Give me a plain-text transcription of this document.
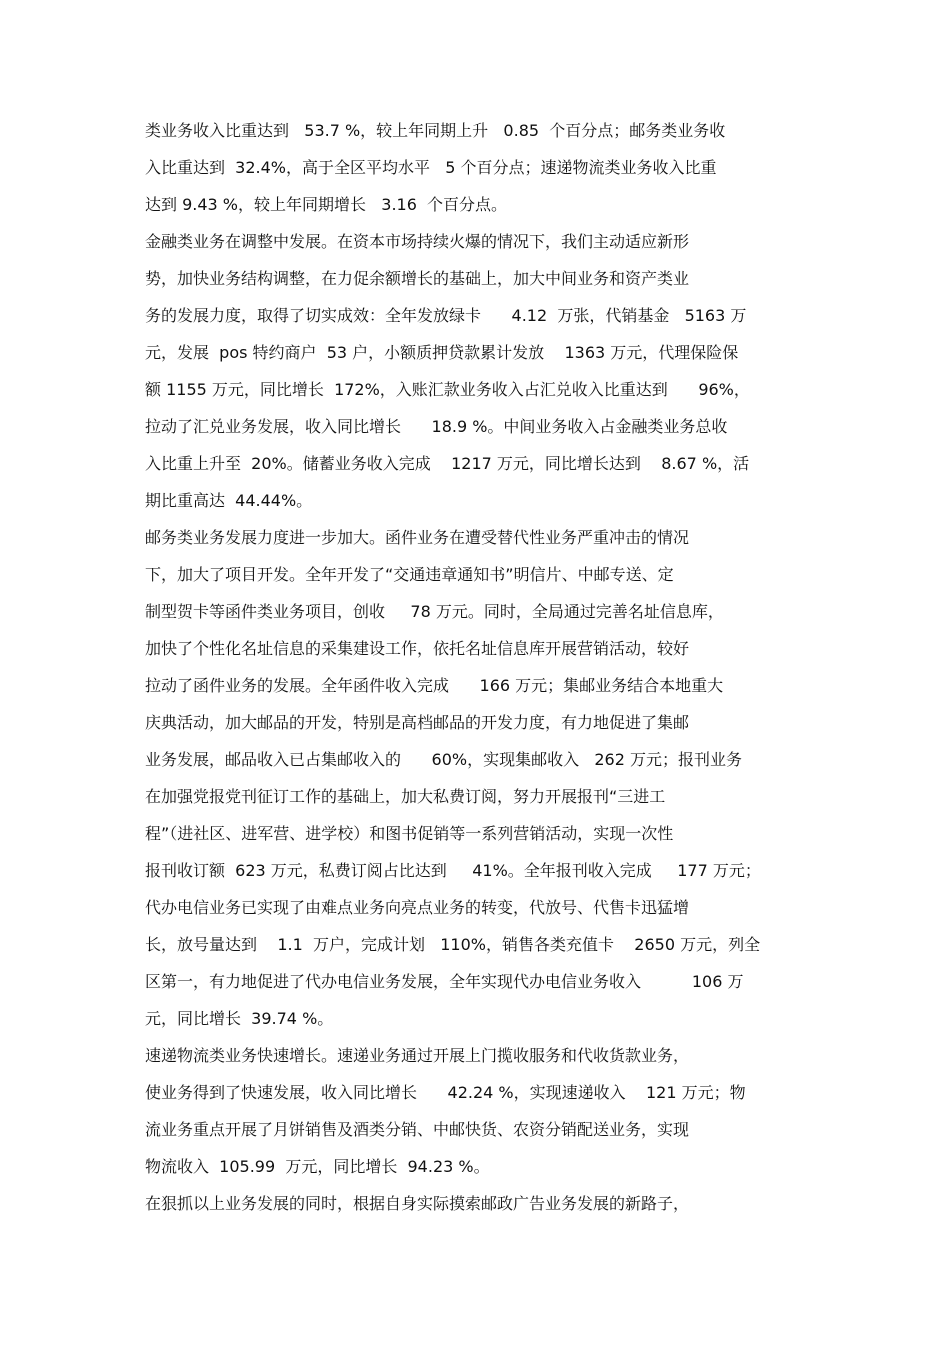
类业务收入比重达到   53.7 %，较上年同期上升   0.85  个百分点；邮务类业务收
入比重达到  32.4%，高于全区平均水平   5 个百分点；速递物流类业务收入比重
达到 9.43 %，较上年同期增长   3.16  个百分点。
金融类业务在调整中发展。在资本市场持续火爆的情况下，我们主动适应新形
势，加快业务结构调整，在力促余额增长的基础上，加大中间业务和资产类业
务的发展力度，取得了切实成效：全年发放绿卡      4.12  万张，代销基金   5163 万
元，发展  pos 特约商户  53 户，小额质押贷款累计发放    1363 万元，代理保险保
额 1155 万元，同比增长  172%，入账汇款业务收入占汇兑收入比重达到      96%，
拉动了汇兑业务发展，收入同比增长      18.9 %。中间业务收入占金融类业务总收
入比重上升至  20%。储蓄业务收入完成    1217 万元，同比增长达到    8.67 %，活
期比重高达  44.44%。
邮务类业务发展力度进一步加大。函件业务在遭受替代性业务严重冲击的情况
下，加大了项目开发。全年开发了“交通违章通知书”明信片、中邮专送、定
制型贺卡等函件类业务项目，创收     78 万元。同时，全局通过完善名址信息库，
加快了个性化名址信息的采集建设工作，依托名址信息库开展营销活动，较好
拉动了函件业务的发展。全年函件收入完成      166 万元；集邮业务结合本地重大
庆典活动，加大邮品的开发，特别是高档邮品的开发力度，有力地促进了集邮
业务发展，邮品收入已占集邮收入的      60%，实现集邮收入   262 万元；报刊业务
在加强党报党刊征订工作的基础上，加大私费订阅，努力开展报刊“三进工
程”（进社区、进军营、进学校）和图书促销等一系列营销活动，实现一次性
报刊收订额  623 万元，私费订阅占比达到     41%。全年报刊收入完成     177 万元；
代办电信业务已实现了由难点业务向亮点业务的转变，代放号、代售卡迅猛增
长，放号量达到    1.1  万户，完成计划   110%，销售各类充值卡    2650 万元，列全
区第一，有力地促进了代办电信业务发展，全年实现代办电信业务收入          106 万
元，同比增长  39.74 %。
速递物流类业务快速增长。速递业务通过开展上门揽收服务和代收货款业务，
使业务得到了快速发展，收入同比增长      42.24 %，实现速递收入    121 万元；物
流业务重点开展了月饼销售及酒类分销、中邮快货、农资分销配送业务，实现
物流收入  105.99  万元，同比增长  94.23 %。
在狠抓以上业务发展的同时，根据自身实际摸索邮政广告业务发展的新路子，
